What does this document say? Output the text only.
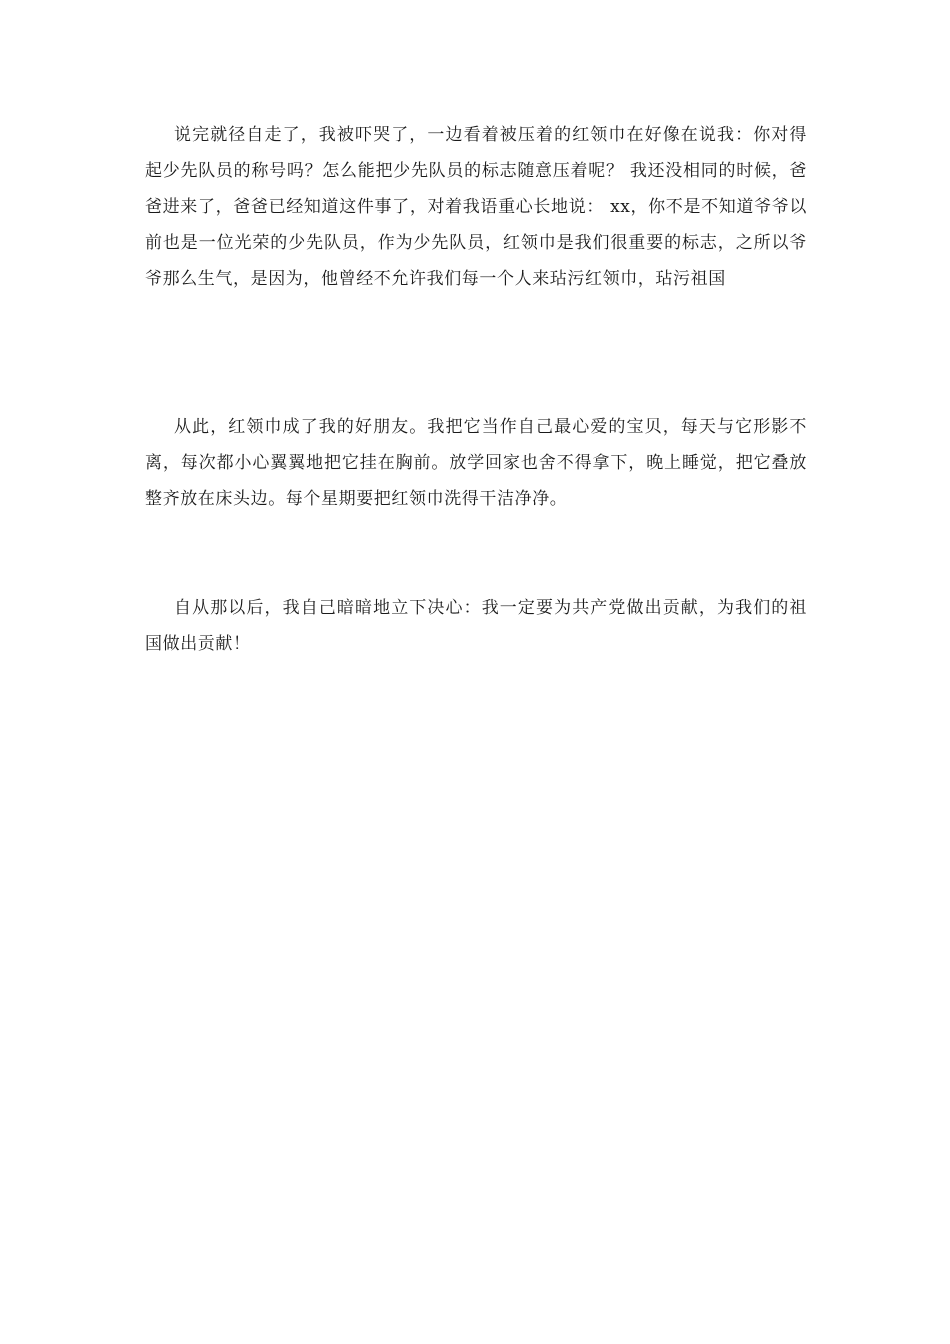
说完就径自走了，我被吓哭了，一边看着被压着的红领巾在好像在说我：你对得起少先队员的称号吗？怎么能把少先队员的标志随意压着呢？ 我还没相同的时候，爸爸进来了，爸爸已经知道这件事了，对着我语重心长地说： xx，你不是不知道爷爷以前也是一位光荣的少先队员，作为少先队员，红领巾是我们很重要的标志，之所以爷爷那么生气，是因为，他曾经不允许我们每一个人来玷污红领巾，玷污祖国

从此，红领巾成了我的好朋友。我把它当作自己最心爱的宝贝，每天与它形影不离，每次都小心翼翼地把它挂在胸前。放学回家也舍不得拿下，晚上睡觉，把它叠放整齐放在床头边。每个星期要把红领巾洗得干洁净净。

自从那以后，我自己暗暗地立下决心：我一定要为共产党做出贡献，为我们的祖国做出贡献！
